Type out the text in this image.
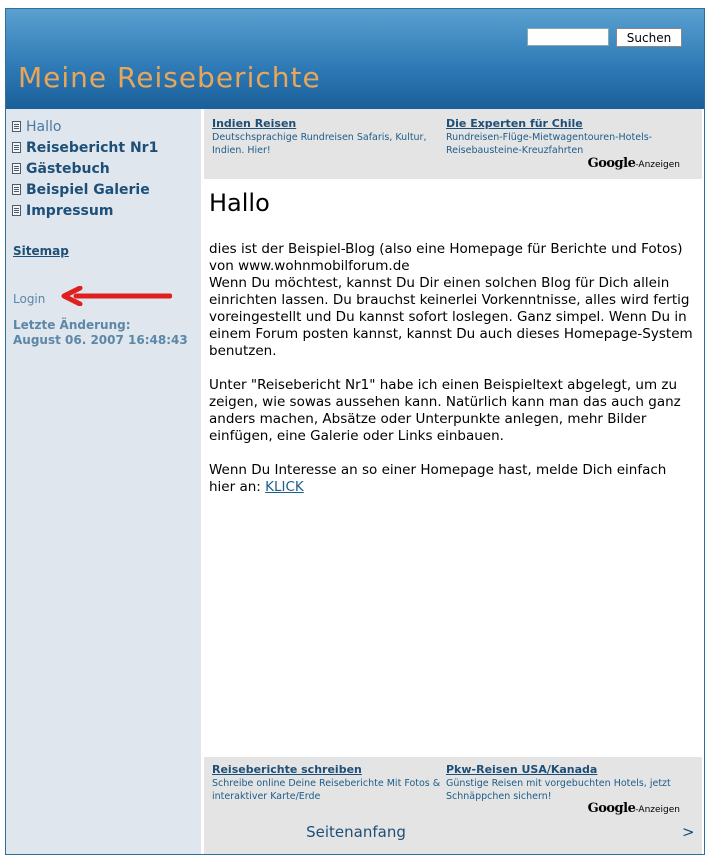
Meine Reiseberichte
Suchen
Hallo
Reisebericht Nr1
Gästebuch
Beispiel Galerie
Impressum
Sitemap
Login
Letzte Änderung:
August 06. 2007 16:48:43
Indien Reisen
Deutschsprachige Rundreisen Safaris, Kultur, Indien. Hier!
Die Experten für Chile
Rundreisen-Flüge-Mietwagentouren-Hotels-Reisebausteine-Kreuzfahrten
Google-Anzeigen
Hallo

dies ist der Beispiel-Blog (also eine Homepage für Berichte und Fotos) von www.wohnmobilforum.de
Wenn Du möchtest, kannst Du Dir einen solchen Blog für Dich allein einrichten lassen. Du brauchst keinerlei Vorkenntnisse, alles wird fertig voreingestellt und Du kannst sofort loslegen. Ganz simpel. Wenn Du in einem Forum posten kannst, kannst Du auch dieses Homepage-System benutzen.

Unter "Reisebericht Nr1" habe ich einen Beispieltext abgelegt, um zu zeigen, wie sowas aussehen kann. Natürlich kann man das auch ganz anders machen, Absätze oder Unterpunkte anlegen, mehr Bilder einfügen, eine Galerie oder Links einbauen.

Wenn Du Interesse an so einer Homepage hast, melde Dich einfach hier an: KLICK

Reiseberichte schreiben
Schreibe online Deine Reiseberichte Mit Fotos & interaktiver Karte/Erde
Pkw-Reisen USA/Kanada
Günstige Reisen mit vorgebuchten Hotels, jetzt Schnäppchen sichern!
Google-Anzeigen
Seitenanfang	>
